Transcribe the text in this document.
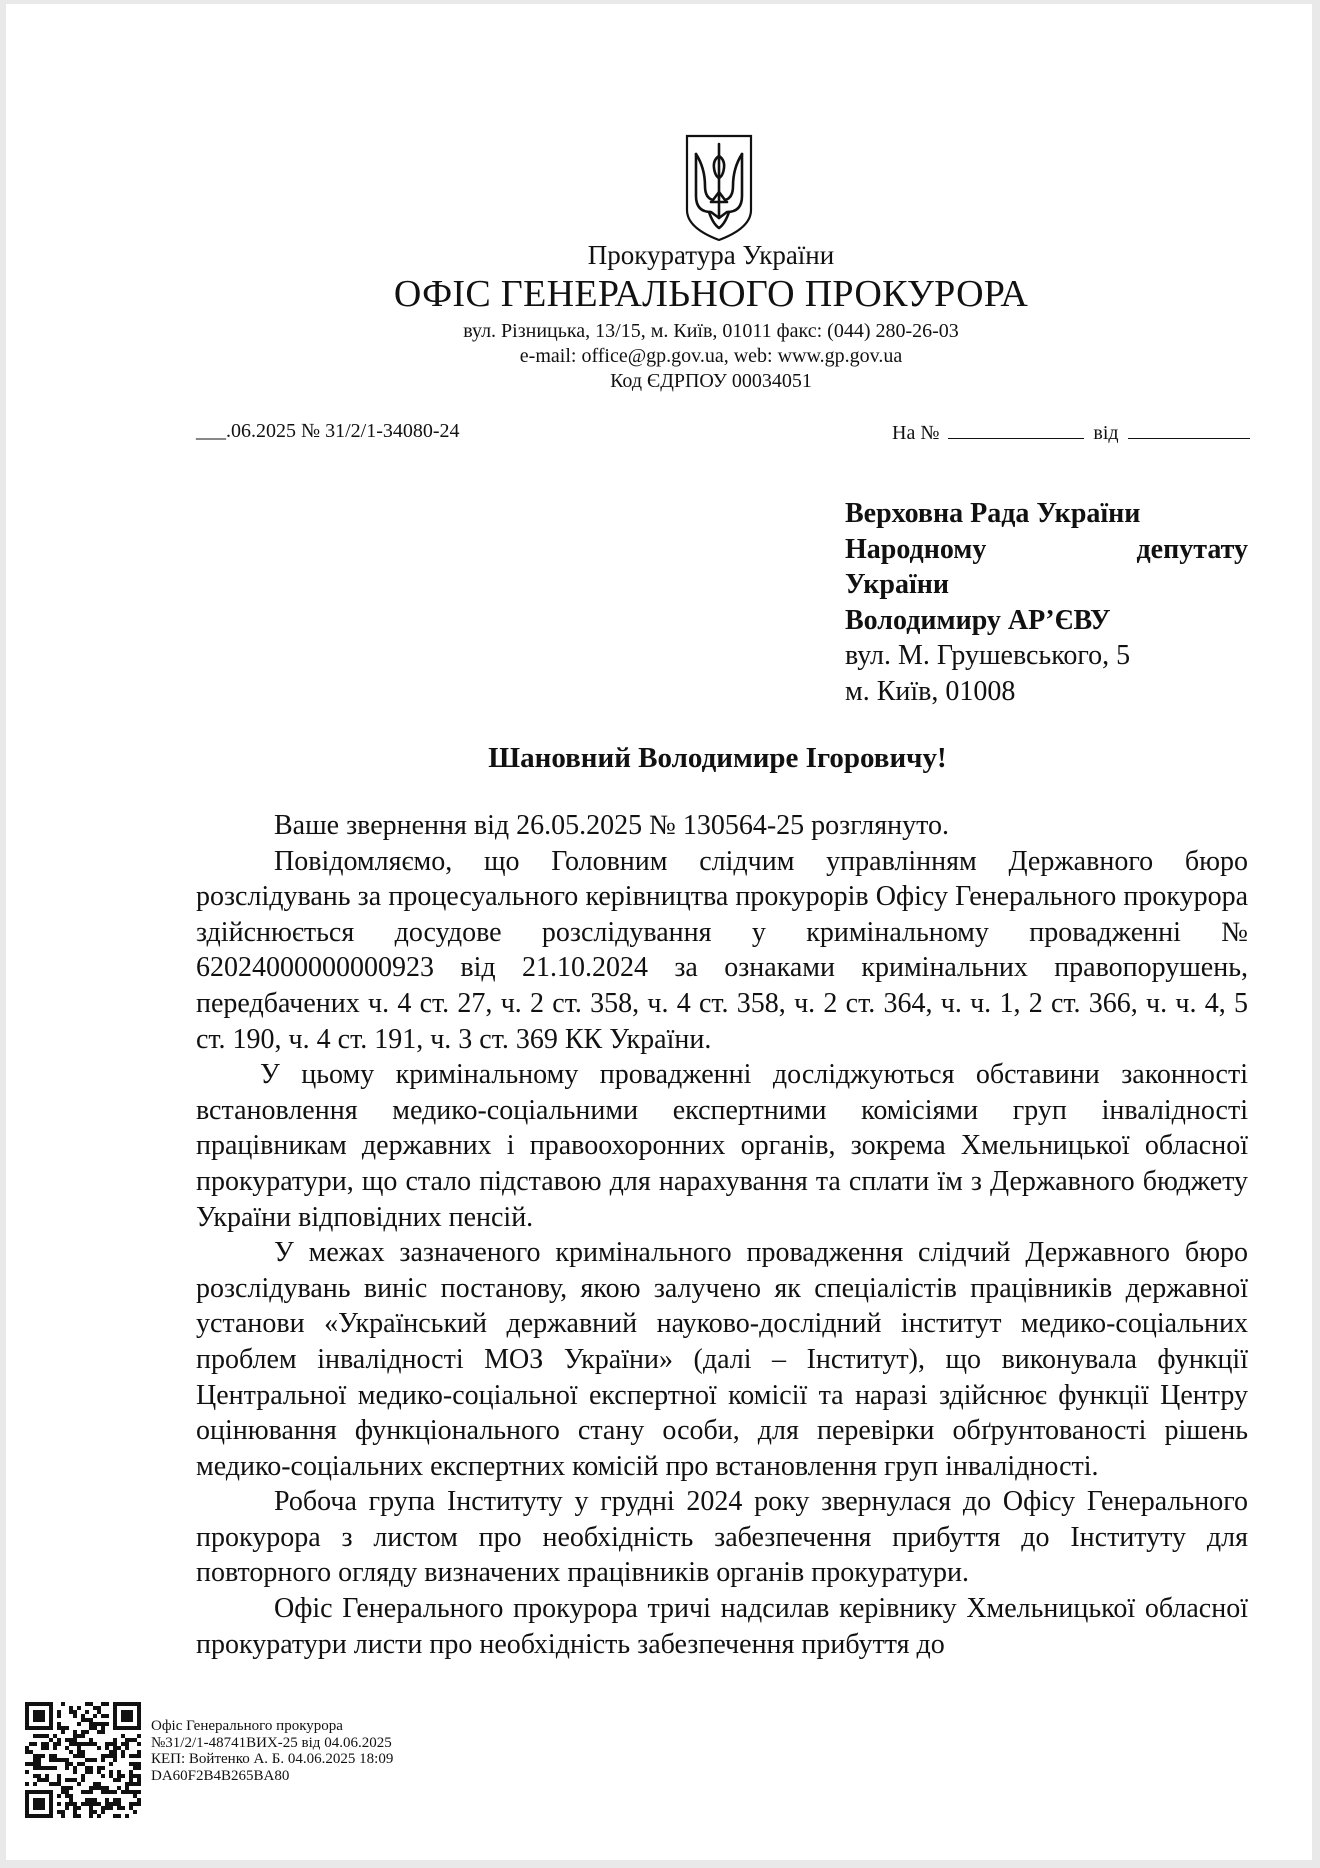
Прокуратура України
ОФІС ГЕНЕРАЛЬНОГО ПРОКУРОРА
вул. Різницька, 13/15, м. Київ, 01011 факс: (044) 280-26-03
e-mail: office@gp.gov.ua, web: www.gp.gov.ua
Код ЄДРПОУ 00034051
___.06.2025 № 31/2/1-34080-24	На №	від
Верховна Рада України
Народному	депутату
України
Володимиру АР’ЄВУ
вул. М. Грушевського, 5
м. Київ, 01008
Шановний Володимире Ігоровичу!

Ваше звернення від 26.05.2025 № 130564-25 розглянуто.

Повідомляємо, що Головним слідчим управлінням Державного бюро розслідувань за процесуального керівництва прокурорів Офісу Генерального прокурора здійснюється досудове розслідування у кримінальному провадженні № 62024000000000923 від 21.10.2024 за ознаками кримінальних правопорушень, передбачених ч. 4 ст. 27, ч. 2 ст. 358, ч. 4 ст. 358, ч. 2 ст. 364, ч. ч. 1, 2 ст. 366, ч. ч. 4, 5 ст. 190, ч. 4 ст. 191, ч. 3 ст. 369 КК України.

У цьому кримінальному провадженні досліджуються обставини законності встановлення медико-соціальними експертними комісіями груп інвалідності працівникам державних і правоохоронних органів, зокрема Хмельницької обласної прокуратури, що стало підставою для нарахування та сплати їм з Державного бюджету України відповідних пенсій.

У межах зазначеного кримінального провадження слідчий Державного бюро розслідувань виніс постанову, якою залучено як спеціалістів працівників державної установи «Український державний науково-дослідний інститут медико-соціальних проблем інвалідності МОЗ України» (далі – Інститут), що виконувала функції Центральної медико-соціальної експертної комісії та наразі здійснює функції Центру оцінювання функціонального стану особи, для перевірки обґрунтованості рішень медико-соціальних експертних комісій про встановлення груп інвалідності.

Робоча група Інституту у грудні 2024 року звернулася до Офісу Генерального прокурора з листом про необхідність забезпечення прибуття до Інституту для повторного огляду визначених працівників органів прокуратури.

Офіс Генерального прокурора тричі надсилав керівнику Хмельницької обласної прокуратури листи про необхідність забезпечення прибуття до

Офіс Генерального прокурора
№31/2/1-48741ВИХ-25 від 04.06.2025
КЕП: Войтенко А. Б. 04.06.2025 18:09
DA60F2B4B265BA80
